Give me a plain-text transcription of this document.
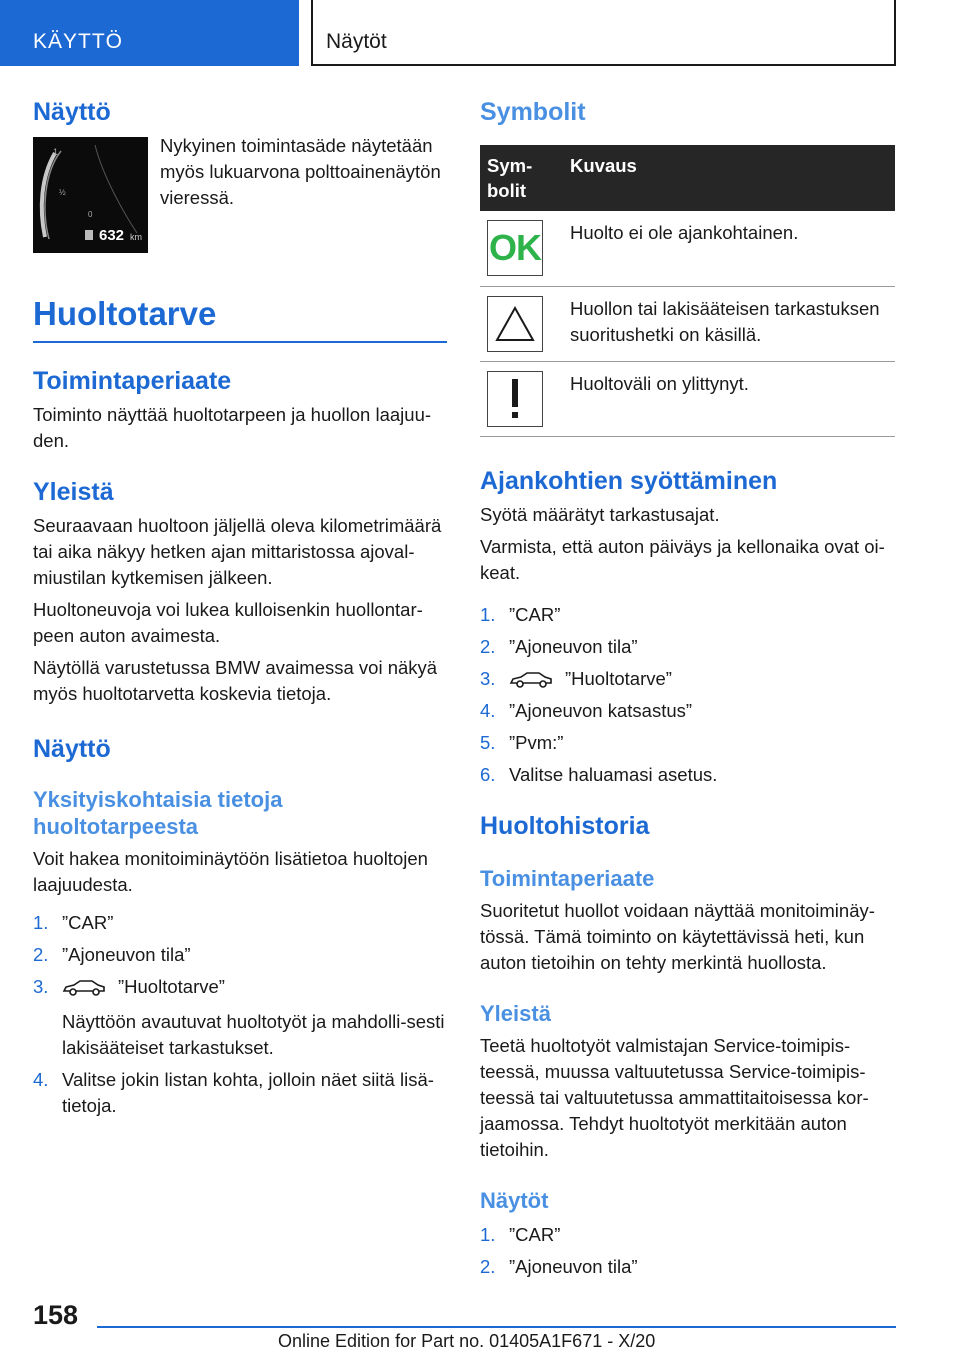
KÄYTTÖ	Näytöt
Näyttö
1
½
0
632 km

Nykyinen toimintasäde näytetään myös lukuarvona polttoainenäytön vieressä.

Huoltotarve
Toimintaperiaate

Toiminto näyttää huoltotarpeen ja huollon laajuu-den.

Yleistä

Seuraavaan huoltoon jäljellä oleva kilometrimäärä tai aika näkyy hetken ajan mittaristossa ajoval-miustilan kytkemisen jälkeen.

Huoltoneuvoja voi lukea kulloisenkin huollontar-peen auton avaimesta.

Näytöllä varustetussa BMW avaimessa voi näkyä myös huoltotarvetta koskevia tietoja.

Näyttö
Yksityiskohtaisia tietoja huoltotarpeesta

Voit hakea monitoiminäytöön lisätietoa huoltojen laajuudesta.

1. ”CAR”
2. ”Ajoneuvon tila”
3.	”Huoltotarve”
Näyttöön avautuvat huoltotyöt ja mahdolli-sesti lakisääteiset tarkastukset.
4. Valitse jokin listan kohta, jolloin näet siitä lisä-tietoja.
Symbolit
Sym-bolit	Kuvaus

OK	Huolto ei ole ajankohtainen.

	Huollon tai lakisääteisen tarkastuksen suoritushetki on käsillä.

	Huoltoväli on ylittynyt.
Ajankohtien syöttäminen

Syötä määrätyt tarkastusajat.

Varmista, että auton päiväys ja kellonaika ovat oi-keat.

1. ”CAR”
2. ”Ajoneuvon tila”
3.	”Huoltotarve”
4. ”Ajoneuvon katsastus”
5. ”Pvm:”
6. Valitse haluamasi asetus.
Huoltohistoria
Toimintaperiaate

Suoritetut huollot voidaan näyttää monitoiminäy-tössä. Tämä toiminto on käytettävissä heti, kun auton tietoihin on tehty merkintä huollosta.

Yleistä

Teetä huoltotyöt valmistajan Service-toimipis-teessä, muussa valtuutetussa Service-toimipis-teessä tai valtuutetussa ammattitaitoisessa kor-jaamossa. Tehdyt huoltotyöt merkitään auton tietoihin.

Näytöt
1. ”CAR”
2. ”Ajoneuvon tila”
158
Online Edition for Part no. 01405A1F671 - X/20
